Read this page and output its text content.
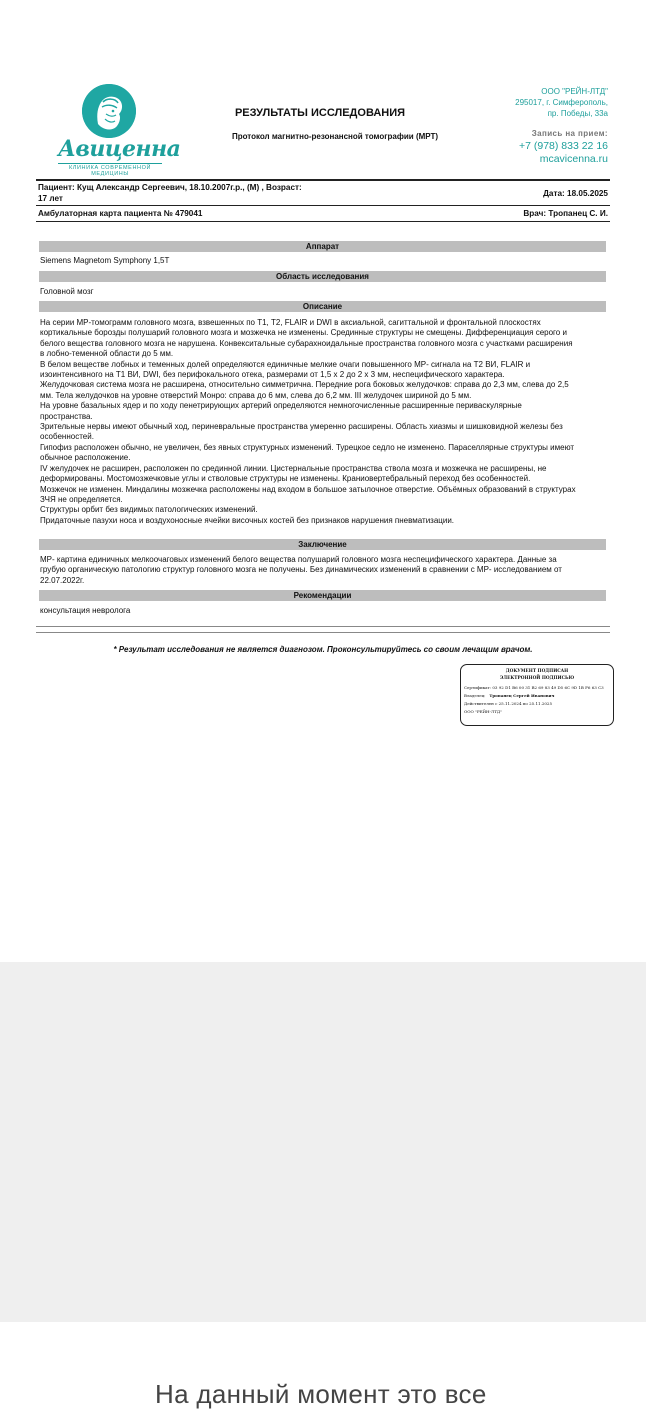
Авиценна
КЛИНИКА СОВРЕМЕННОЙ МЕДИЦИНЫ
РЕЗУЛЬТАТЫ ИССЛЕДОВАНИЯ
Протокол магнитно-резонансной томографии (МРТ)
ООО "РЕЙН-ЛТД"
295017, г. Симферополь,
пр. Победы, 33а
Запись на прием:
+7 (978) 833 22 16
mcavicenna.ru
Пациент: Кущ Александр Сергеевич, 18.10.2007г.р., (М) , Возраст:
17 лет	Дата: 18.05.2025
Амбулаторная карта пациента № 479041	Врач: Тропанец С. И.
Аппарат
Siemens Magnetom Symphony 1,5T
Область исследования
Головной мозг
Описание

На серии МР-томограмм головного мозга, взвешенных по Т1, Т2, FLAIR и DWI в аксиальной, сагиттальной и фронтальной плоскостях

кортикальные борозды полушарий головного мозга и мозжечка не изменены. Срединные структуры не смещены. Дифференциация серого и

белого вещества головного мозга не нарушена. Конвекситальные субарахноидальные пространства головного мозга с участками расширения

в лобно-теменной области до 5 мм.

В белом веществе лобных и теменных долей определяются единичные мелкие очаги повышенного МР- сигнала на Т2 ВИ, FLAIR и

изоинтенсивного на Т1 ВИ, DWI, без перифокального отека, размерами от 1,5 х 2 до 2 х 3 мм, неспецифического характера.

Желудочковая система мозга не расширена, относительно симметрична. Передние рога боковых желудочков: справа до 2,3 мм, слева до 2,5

мм. Тела желудочков на уровне отверстий Монро: справа до 6 мм, слева до 6,2 мм. III желудочек шириной до 5 мм.

На уровне базальных ядер и по ходу пенетрирующих артерий определяются немногочисленные расширенные периваскулярные

пространства.

Зрительные нервы имеют обычный ход, периневральные пространства умеренно расширены. Область хиазмы и шишковидной железы без

особенностей.

Гипофиз расположен обычно, не увеличен, без явных структурных изменений. Турецкое седло не изменено. Параселлярные структуры имеют

обычное расположение.

IV желудочек не расширен, расположен по срединной линии. Цистернальные пространства ствола мозга и мозжечка не расширены, не

деформированы. Мостомозжечковые углы и стволовые структуры не изменены. Краниовертебральный переход без особенностей.

Мозжечок не изменен. Миндалины мозжечка расположены над входом в большое затылочное отверстие. Объёмных образований в структурах

ЗЧЯ не определяется.

Структуры орбит без видимых патологических изменений.

Придаточные пазухи носа и воздухоносные ячейки височных костей без признаков нарушения пневматизации.

Заключение

МР- картина единичных мелкоочаговых изменений белого вещества полушарий головного мозга неспецифического характера. Данные за

грубую органическую патологию структур головного мозга не получены. Без динамических изменений в сравнении с МР- исследованием от

22.07.2022г.

Рекомендации
консультация невролога
* Результат исследования не является диагнозом. Проконсультируйтесь со своим лечащим врачом.
ДОКУМЕНТ ПОДПИСАН
ЭЛЕКТРОННОЙ ПОДПИСЬЮ
Сертификат: 03 92 D1 B6 00 31 B2 69 83 49 D5 6C 9D 1B F6 63 C3
Владелец: Тропанец Сергей Иванович
Действителен с 25.11.2024 по 25.11.2025
ООО "РЕЙН-ЛТД"
На данный момент это все
